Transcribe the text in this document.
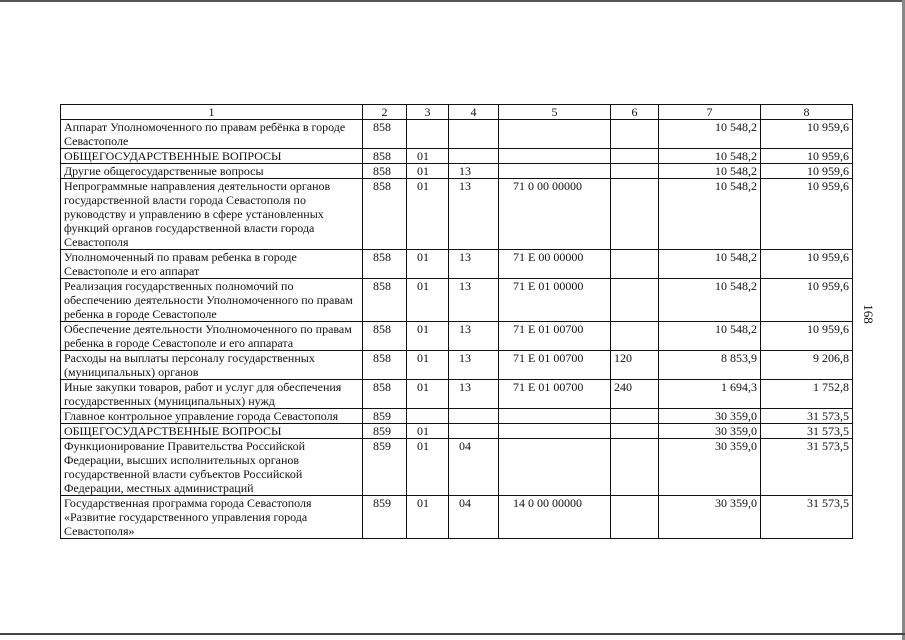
168
1	2	3	4	5	6	7	8
Аппарат Уполномоченного по правам ребёнка в городе Севастополе	858					10 548,2	10 959,6
ОБЩЕГОСУДАРСТВЕННЫЕ ВОПРОСЫ	858	01				10 548,2	10 959,6
Другие общегосударственные вопросы	858	01	13			10 548,2	10 959,6
Непрограммные направления деятельности органов государственной власти города Севастополя по руководству и управлению в сфере установленных функций органов государственной власти города Севастополя	858	01	13	71 0 00 00000		10 548,2	10 959,6
Уполномоченный по правам ребенка в городе Севастополе и его аппарат	858	01	13	71 Е 00 00000		10 548,2	10 959,6
Реализация государственных полномочий по обеспечению деятельности Уполномоченного по правам ребенка в городе Севастополе	858	01	13	71 Е 01 00000		10 548,2	10 959,6
Обеспечение деятельности Уполномоченного по правам ребенка в городе Севастополе и его аппарата	858	01	13	71 Е 01 00700		10 548,2	10 959,6
Расходы на выплаты персоналу государственных (муниципальных) органов	858	01	13	71 Е 01 00700	120	8 853,9	9 206,8
Иные закупки товаров, работ и услуг для обеспечения государственных (муниципальных) нужд	858	01	13	71 Е 01 00700	240	1 694,3	1 752,8
Главное контрольное управление города Севастополя	859					30 359,0	31 573,5
ОБЩЕГОСУДАРСТВЕННЫЕ ВОПРОСЫ	859	01				30 359,0	31 573,5
Функционирование Правительства Российской Федерации, высших исполнительных органов государственной власти субъектов Российской Федерации, местных администраций	859	01	04			30 359,0	31 573,5
Государственная программа города Севастополя «Развитие государственного управления города Севастополя»	859	01	04	14 0 00 00000		30 359,0	31 573,5
